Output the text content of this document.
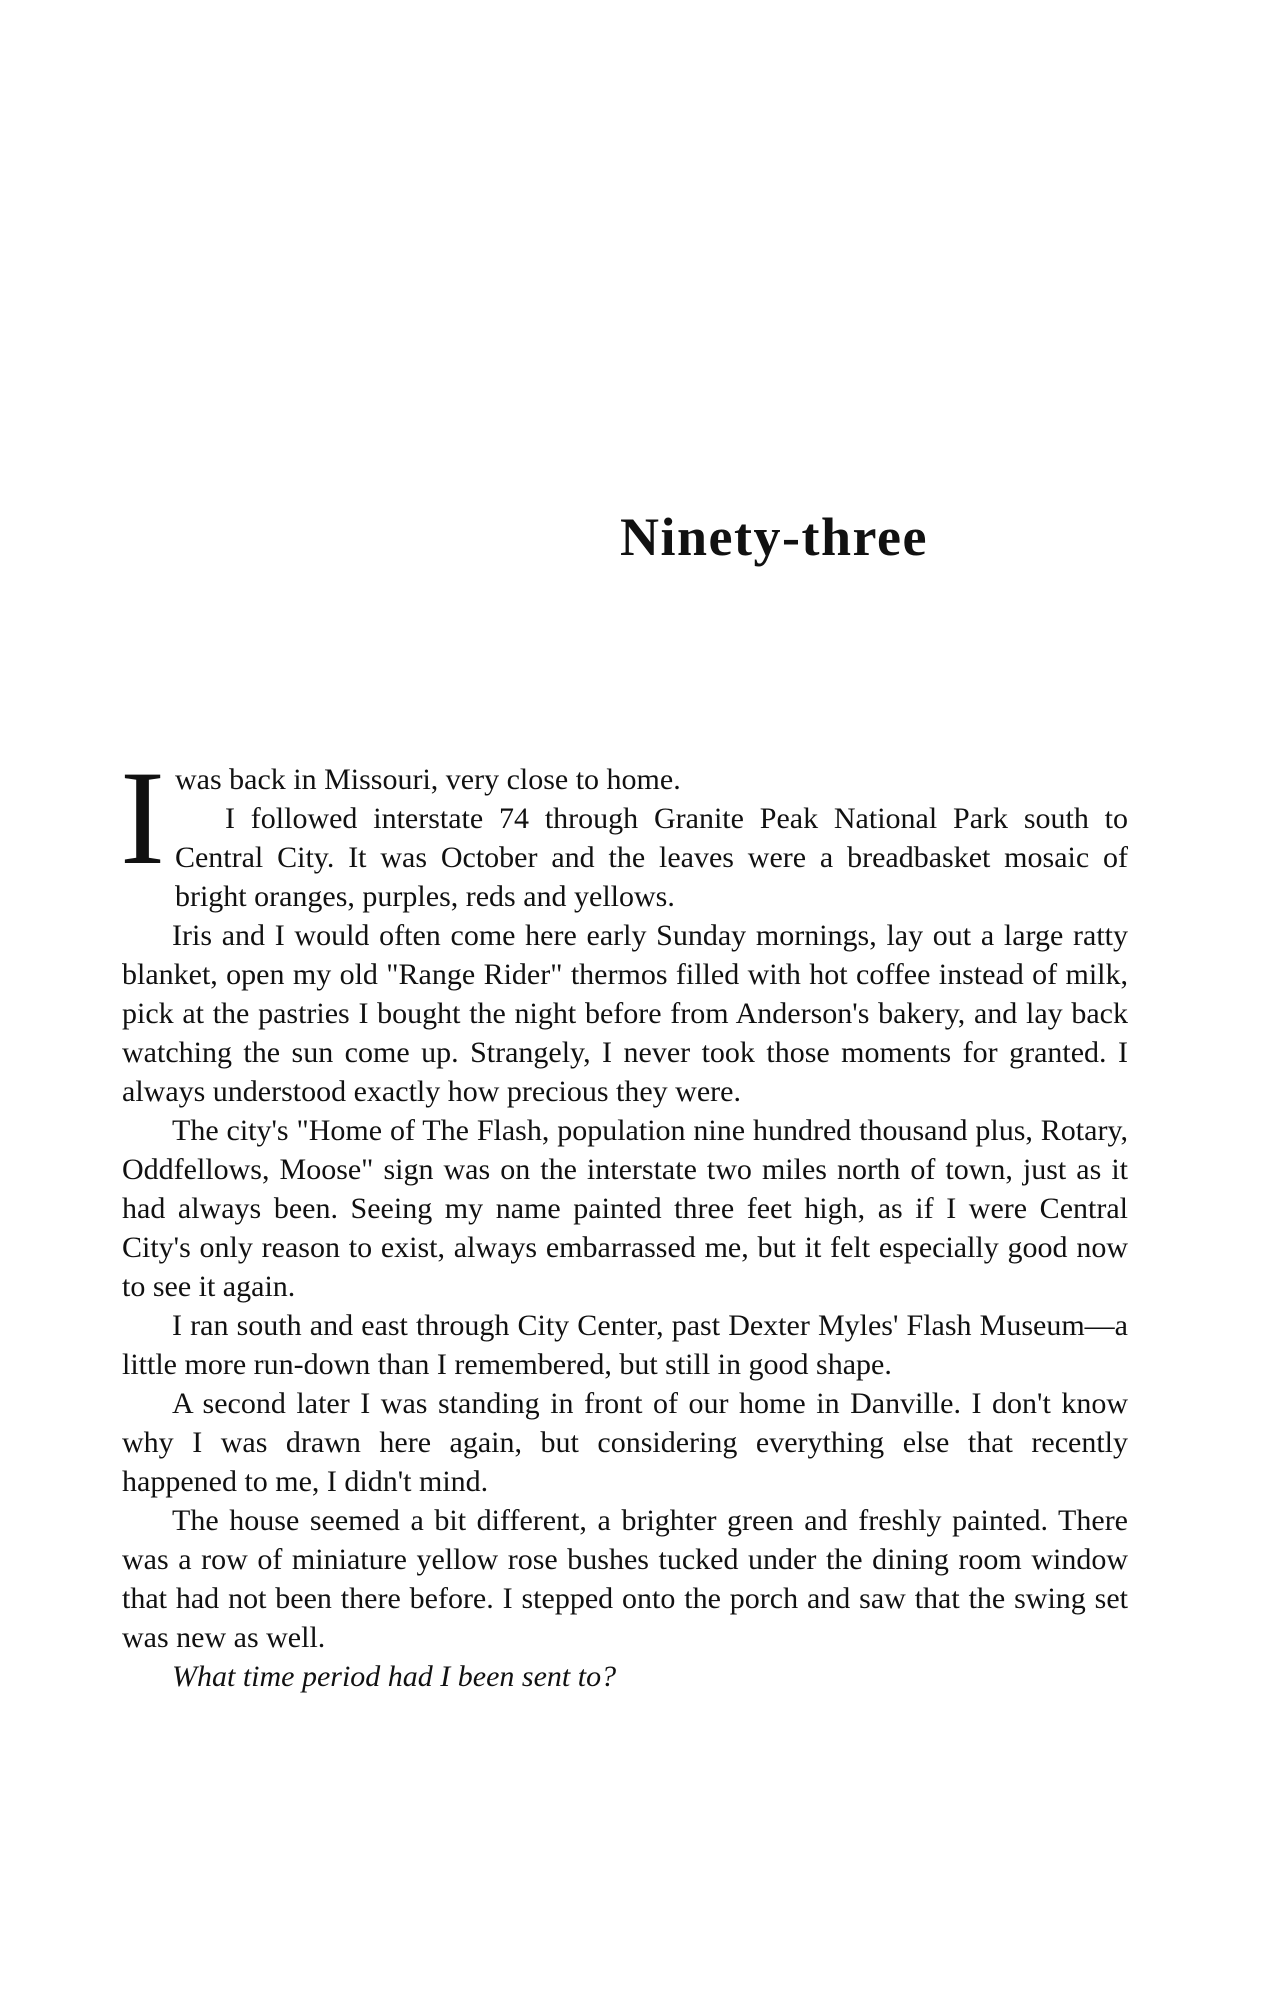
Ninety-three

Iwas back in Missouri, very close to home.

I followed interstate 74 through Granite Peak National Park south to Central City. It was October and the leaves were a breadbasket mosaic of bright oranges, purples, reds and yellows.

Iris and I would often come here early Sunday mornings, lay out a large ratty blanket, open my old "Range Rider" thermos filled with hot coffee instead of milk, pick at the pastries I bought the night before from Anderson's bakery, and lay back watching the sun come up. Strangely, I never took those moments for granted. I always understood exactly how precious they were.

The city's "Home of The Flash, population nine hundred thousand plus, Rotary, Oddfellows, Moose" sign was on the interstate two miles north of town, just as it had always been. Seeing my name painted three feet high, as if I were Central City's only reason to exist, always embarrassed me, but it felt especially good now to see it again.

I ran south and east through City Center, past Dexter Myles' Flash Museum—a little more run-down than I remembered, but still in good shape.

A second later I was standing in front of our home in Danville. I don't know why I was drawn here again, but considering everything else that recently happened to me, I didn't mind.

The house seemed a bit different, a brighter green and freshly painted. There was a row of miniature yellow rose bushes tucked under the dining room window that had not been there before. I stepped onto the porch and saw that the swing set was new as well.

What time period had I been sent to?
